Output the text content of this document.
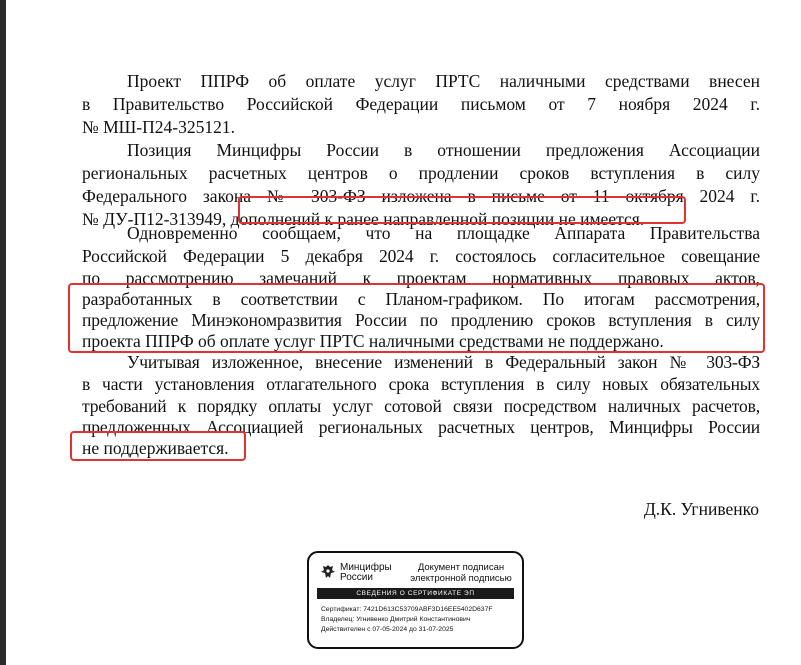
Проект ППРФ об оплате услуг ПРТС наличными средствами внесен
в Правительство Российской Федерации письмом от 7 ноября 2024 г.
№ МШ-П24-325121.
Позиция Минцифры России в отношении предложения Ассоциации
региональных расчетных центров о продлении сроков вступления в силу
Федерального закона № 303-ФЗ изложена в письме от 11 октября 2024 г.
№ ДУ-П12-313949, дополнений к ранее направленной позиции не имеется.
Одновременно сообщаем, что на площадке Аппарата Правительства
Российской Федерации 5 декабря 2024 г. состоялось согласительное совещание
по рассмотрению замечаний к проектам нормативных правовых актов,
разработанных в соответствии с Планом-графиком. По итогам рассмотрения,
предложение Минэкономразвития России по продлению сроков вступления в силу
проекта ППРФ об оплате услуг ПРТС наличными средствами не поддержано.
Учитывая изложенное, внесение изменений в Федеральный закон № 303-ФЗ
в части установления отлагательного срока вступления в силу новых обязательных
требований к порядку оплаты услуг сотовой связи посредством наличных расчетов,
предложенных Ассоциацией региональных расчетных центров, Минцифры России
не поддерживается.
Д.К. Угнивенко
Минцифры
России
Документ подписан
электронной подписью
СВЕДЕНИЯ О СЕРТИФИКАТЕ ЭП
Сертификат: 7421D613C53709ABF3D16EE5402D637F
Владелец: Угнивенко Дмитрий Константинович
Действителен с 07-05-2024 до 31-07-2025
